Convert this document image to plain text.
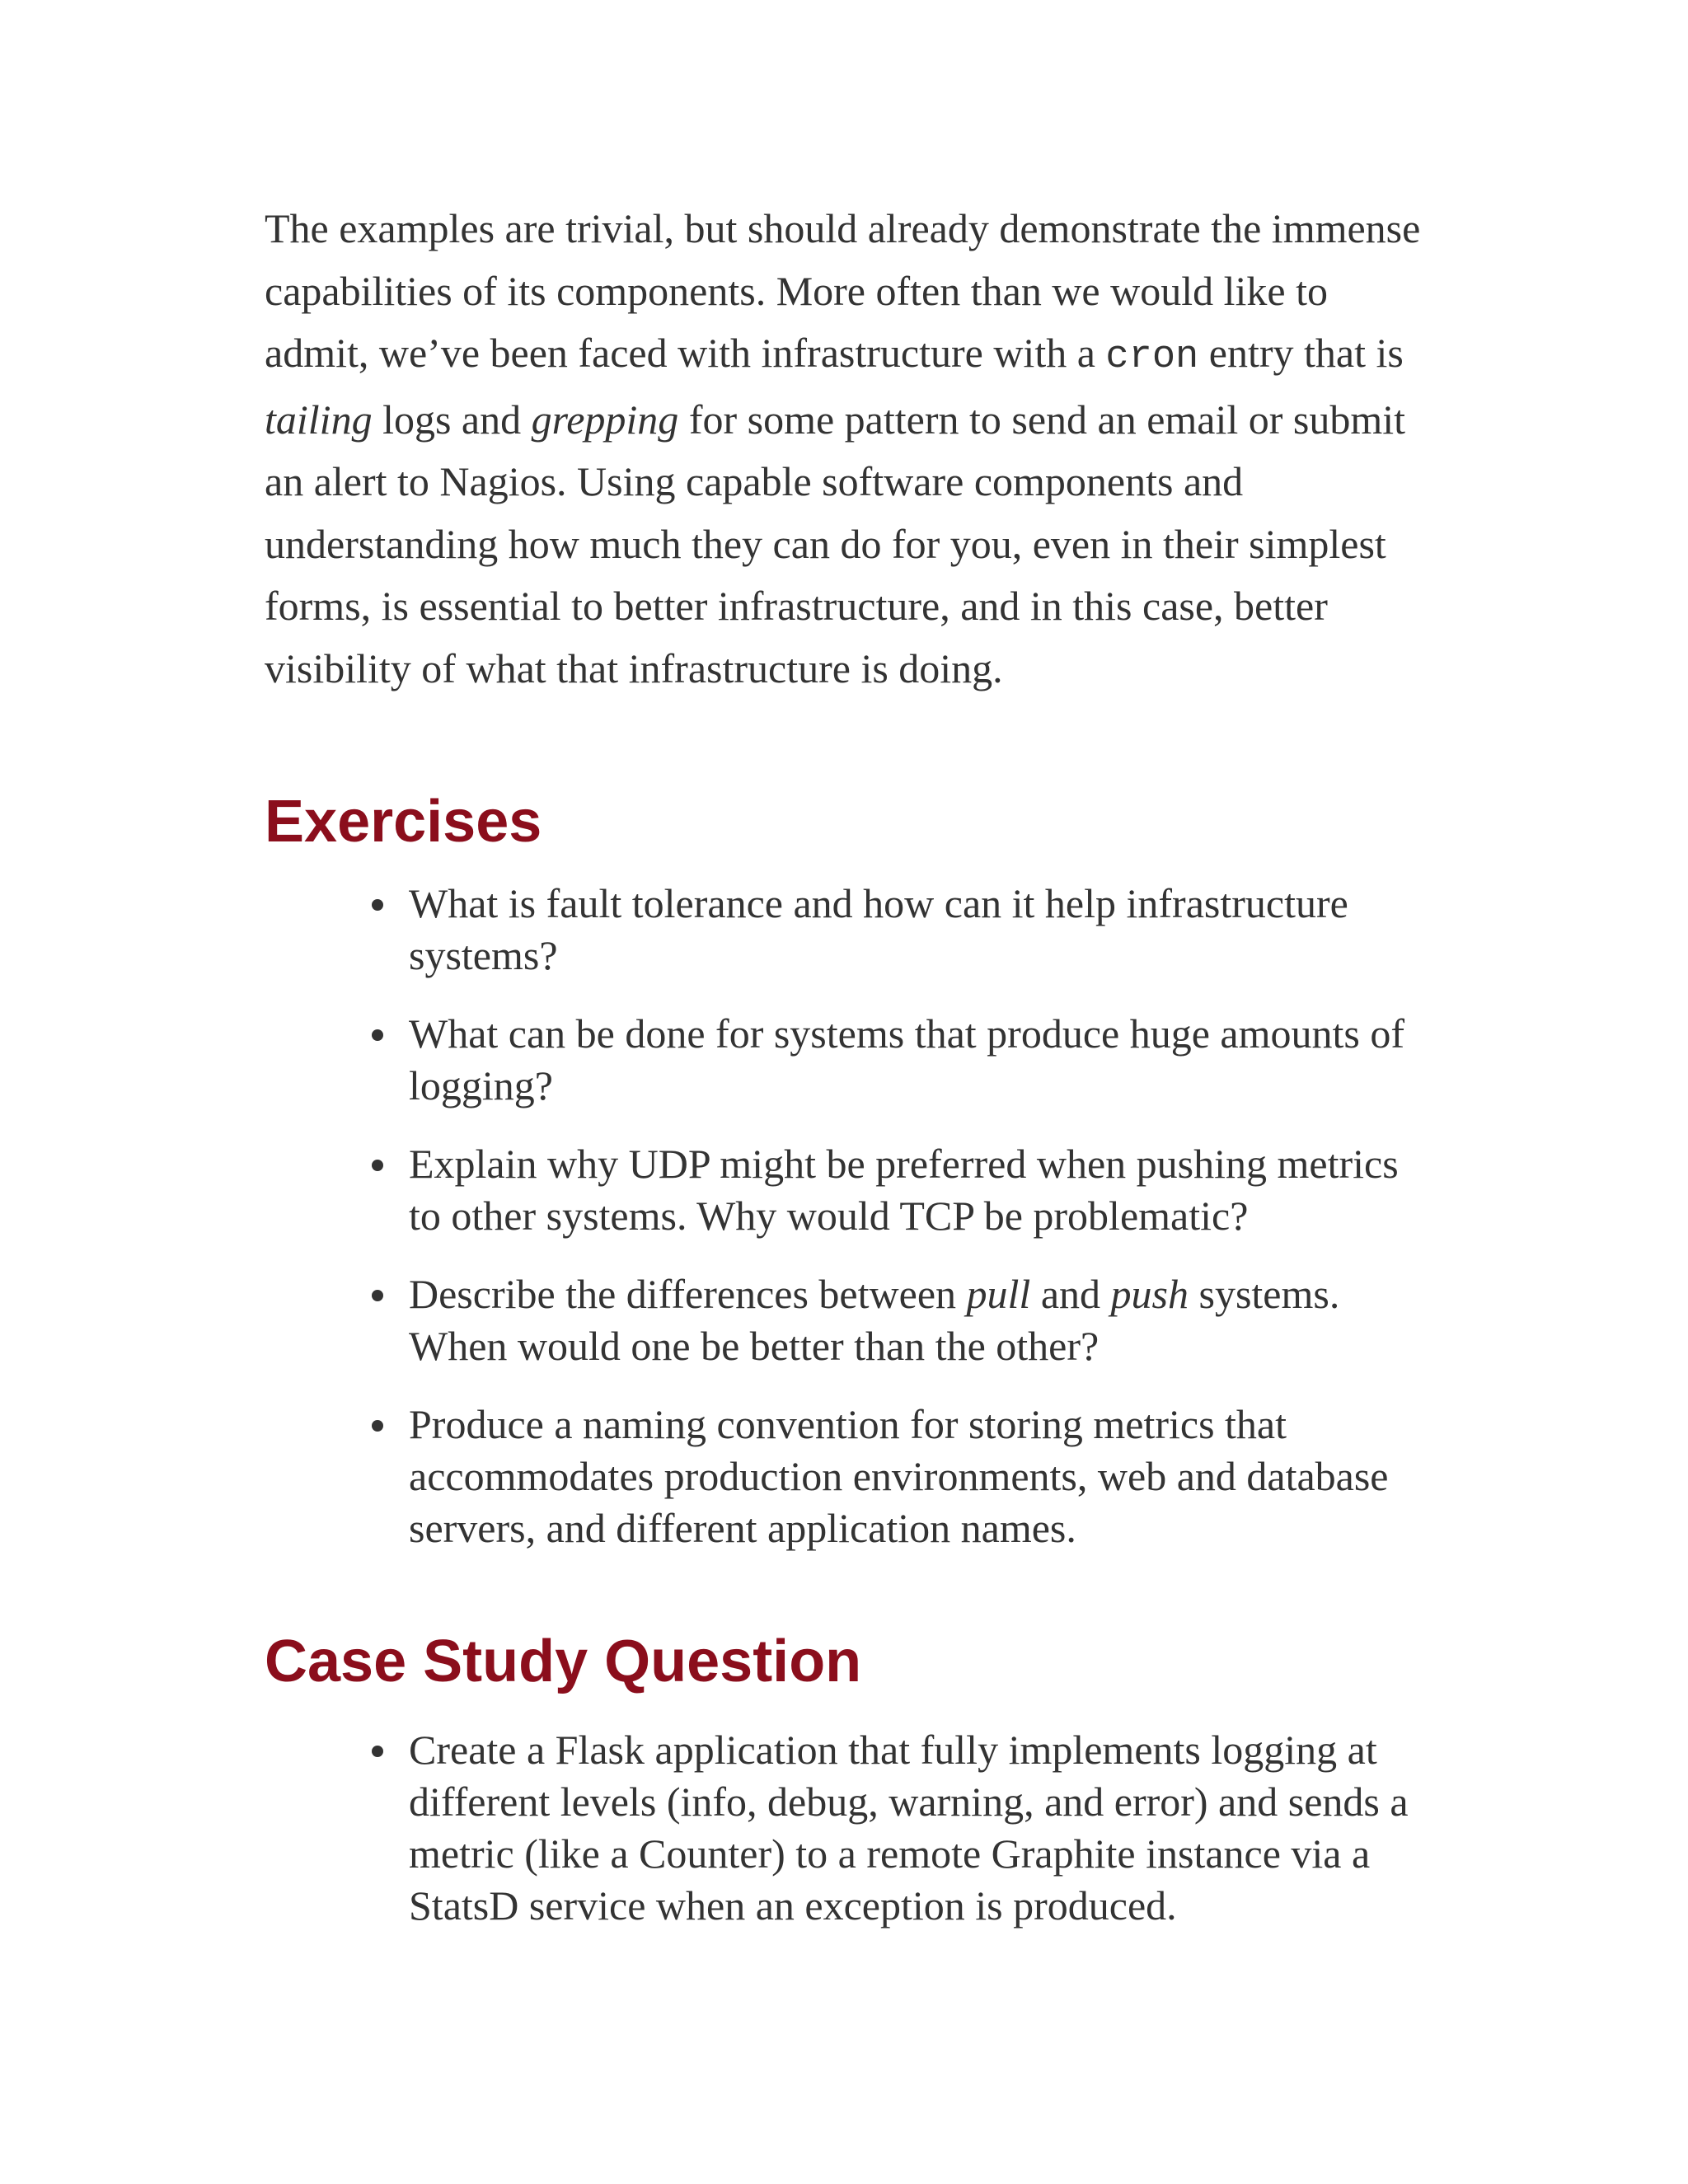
The examples are trivial, but should already demonstrate the immense capabilities of its components. More often than we would like to admit, we’ve been faced with infrastructure with a cron entry that is tailing logs and grepping for some pattern to send an email or submit an alert to Nagios. Using capable software components and understanding how much they can do for you, even in their simplest forms, is essential to better infrastructure, and in this case, better visibility of what that infrastructure is doing.

Exercises
What is fault tolerance and how can it help infrastructure systems?
What can be done for systems that produce huge amounts of logging?
Explain why UDP might be preferred when pushing metrics to other systems. Why would TCP be problematic?
Describe the differences between pull and push systems. When would one be better than the other?
Produce a naming convention for storing metrics that accommodates production environments, web and database servers, and different application names.
Case Study Question
Create a Flask application that fully implements logging at different levels (info, debug, warning, and error) and sends a metric (like a Counter) to a remote Graphite instance via a StatsD service when an exception is produced.
